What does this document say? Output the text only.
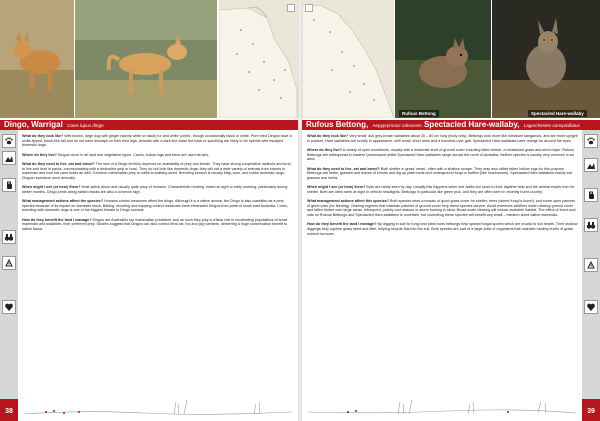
Dingo, Warrigal Canis lupus dingo

What do they look like? Well known, large dog with ginger (sandy-white or black) fur and white 'points', though occasionally black or white. Pure bred Dingos have a white-tipped, brush-like tail and do not have dewlaps on their hind legs. Animals with a dark line down the back or speckling are likely to be hybrids with escaped domestic dogs.

Where do they live? Dingos occur in all land and vegetation types. Caves, hollow logs and trees are used as lairs.

What do they need to live, eat and breed? The size of a Dingo territory depends on availability of prey and terrain. They have strong cooperative instincts and tend to live and hunt in packs, communicating with a distinctive yelp or howl. They do not look like domestic dogs; they will eat a wide variety of animals from insects to mammals and now eat cane toads as well. Common mammalian prey is rabbit to wallaby-sized. Breeding season is usually May-June, and unlike domestic dogs, Dingos reproduce once annually.

When might I see (or hear) them? Most active alone and usually quite wary of humans. Characteristic howling, heard at night or early morning, particularly during winter months. Dingo prints along station tracks are also a common sign.

What management actions affect the species? Humans control measures affect the dingo. Although it is a native animal, the Dingo is also classified as a pest species because of its impact on domestic stock. Baiting, shooting and trapping control measures have eliminated Dingos from parts of south east Australia. Cross-breeding with domestic dogs is one of the biggest threats to Dingo survival.

How do they benefit the land I manage? Dingos are Australia's top mammalian predators, and as such they play a critical role in moderating populations of small mammals and wallabies, their preferred prey. Studies suggest that Dingos can also control feral cat, fox and pig numbers, delivering a huge conservation benefit to native fauna.

38
Rufous Bettong	Spectacled Hare-wallaby
Rufous Bettong, Aepyprymnus rufescens Spectacled Hare-wallaby, Lagorchestes conspicillatus

What do they look like? Very small, dull grey-brown wallabies about 30 – 50 cm long (body only). Bettongs look more like miniature kangaroos, and are more upright in posture. Hare-wallabies are scruffy in appearance, with small, short arms and a hunched-over gait. Spectacled Hare-wallabies have orange fur around the eyes.

Where do they live? A variety of open woodlands, usually with a moderate level of ground cover including fallen timber, a mosaicked grass and shrub layer. Rufous Bettongs are widespread in eastern Queensland whilst Spectacled Hare-wallabies range across the north of Australia. Neither species is usually very common in an area.

What do they need to live, eat and breed? Both shelter in grass 'nests', often with a shallow scrape. They may also utilise fallen hollow logs for this purpose. Bettongs eat herbs, grasses and leaves of shrubs and dig up plant roots and underground fungi or truffles (like mushrooms). Spectacled Hare-wallabies mainly eat grasses and herbs.

When might I see (or hear) them? Both are rarely seen by day. Usually this happens when one walks too close to their daytime hide and the animal erupts from its shelter. Both are often seen at night in vehicle headlights. Bettongs in particular like green pick, and they are often seen in recently burnt country.

What management actions affect this species? Both species need a mosaic of good grass cover for shelter; trees (where fungi is found); and some open patches of green pick (for feeding). Grazing regimes that maintain patches of ground cover help these species survive. Avoid extensive wildfires which destroy ground cover and fallen timber over large areas. Infrequent, patchy cool season or storm burning is ideal. Broad scale clearing will reduce available habitat. The effect of foxes and cats on Rufous Bettongs and Spectacled Hare-wallabies is uncertain, but controlling these species will benefit any small – medium sized native mammals.

How do they benefit the land I manage? By digging in soil for fungi and plant roots bettongs help spread fungal spores which are crucial to soil health. Their shallow diggings help capture grass seed and litter, helping recycle this into the soil. Both species are part of a large suite of organisms that maintain healthy levels of grass nutrient turnover.

39
